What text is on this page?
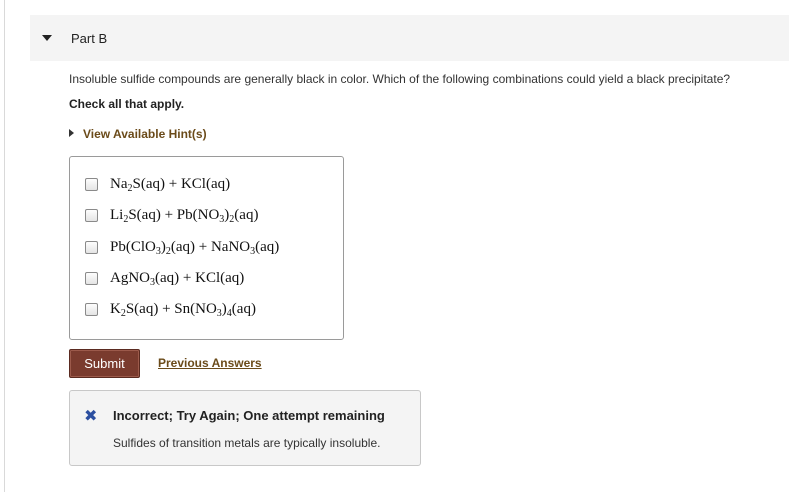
Part B
Insoluble sulfide compounds are generally black in color. Which of the following combinations could yield a black precipitate?
Check all that apply.
View Available Hint(s)
$Na_2S(aq) + KCl(aq)$
$Li_2S(aq) + Pb(NO_3)_2(aq)$
$Pb(ClO_3)_2(aq)$ + NaNO$_3$(aq)
AgNO$_3$(aq) + KCl(aq)
$K_2S(aq) + Sn(NO_3)_4(aq)$
Submit	Previous Answers
✖ Incorrect; Try Again; One attempt remaining
Sulfides of transition metals are typically insoluble.
